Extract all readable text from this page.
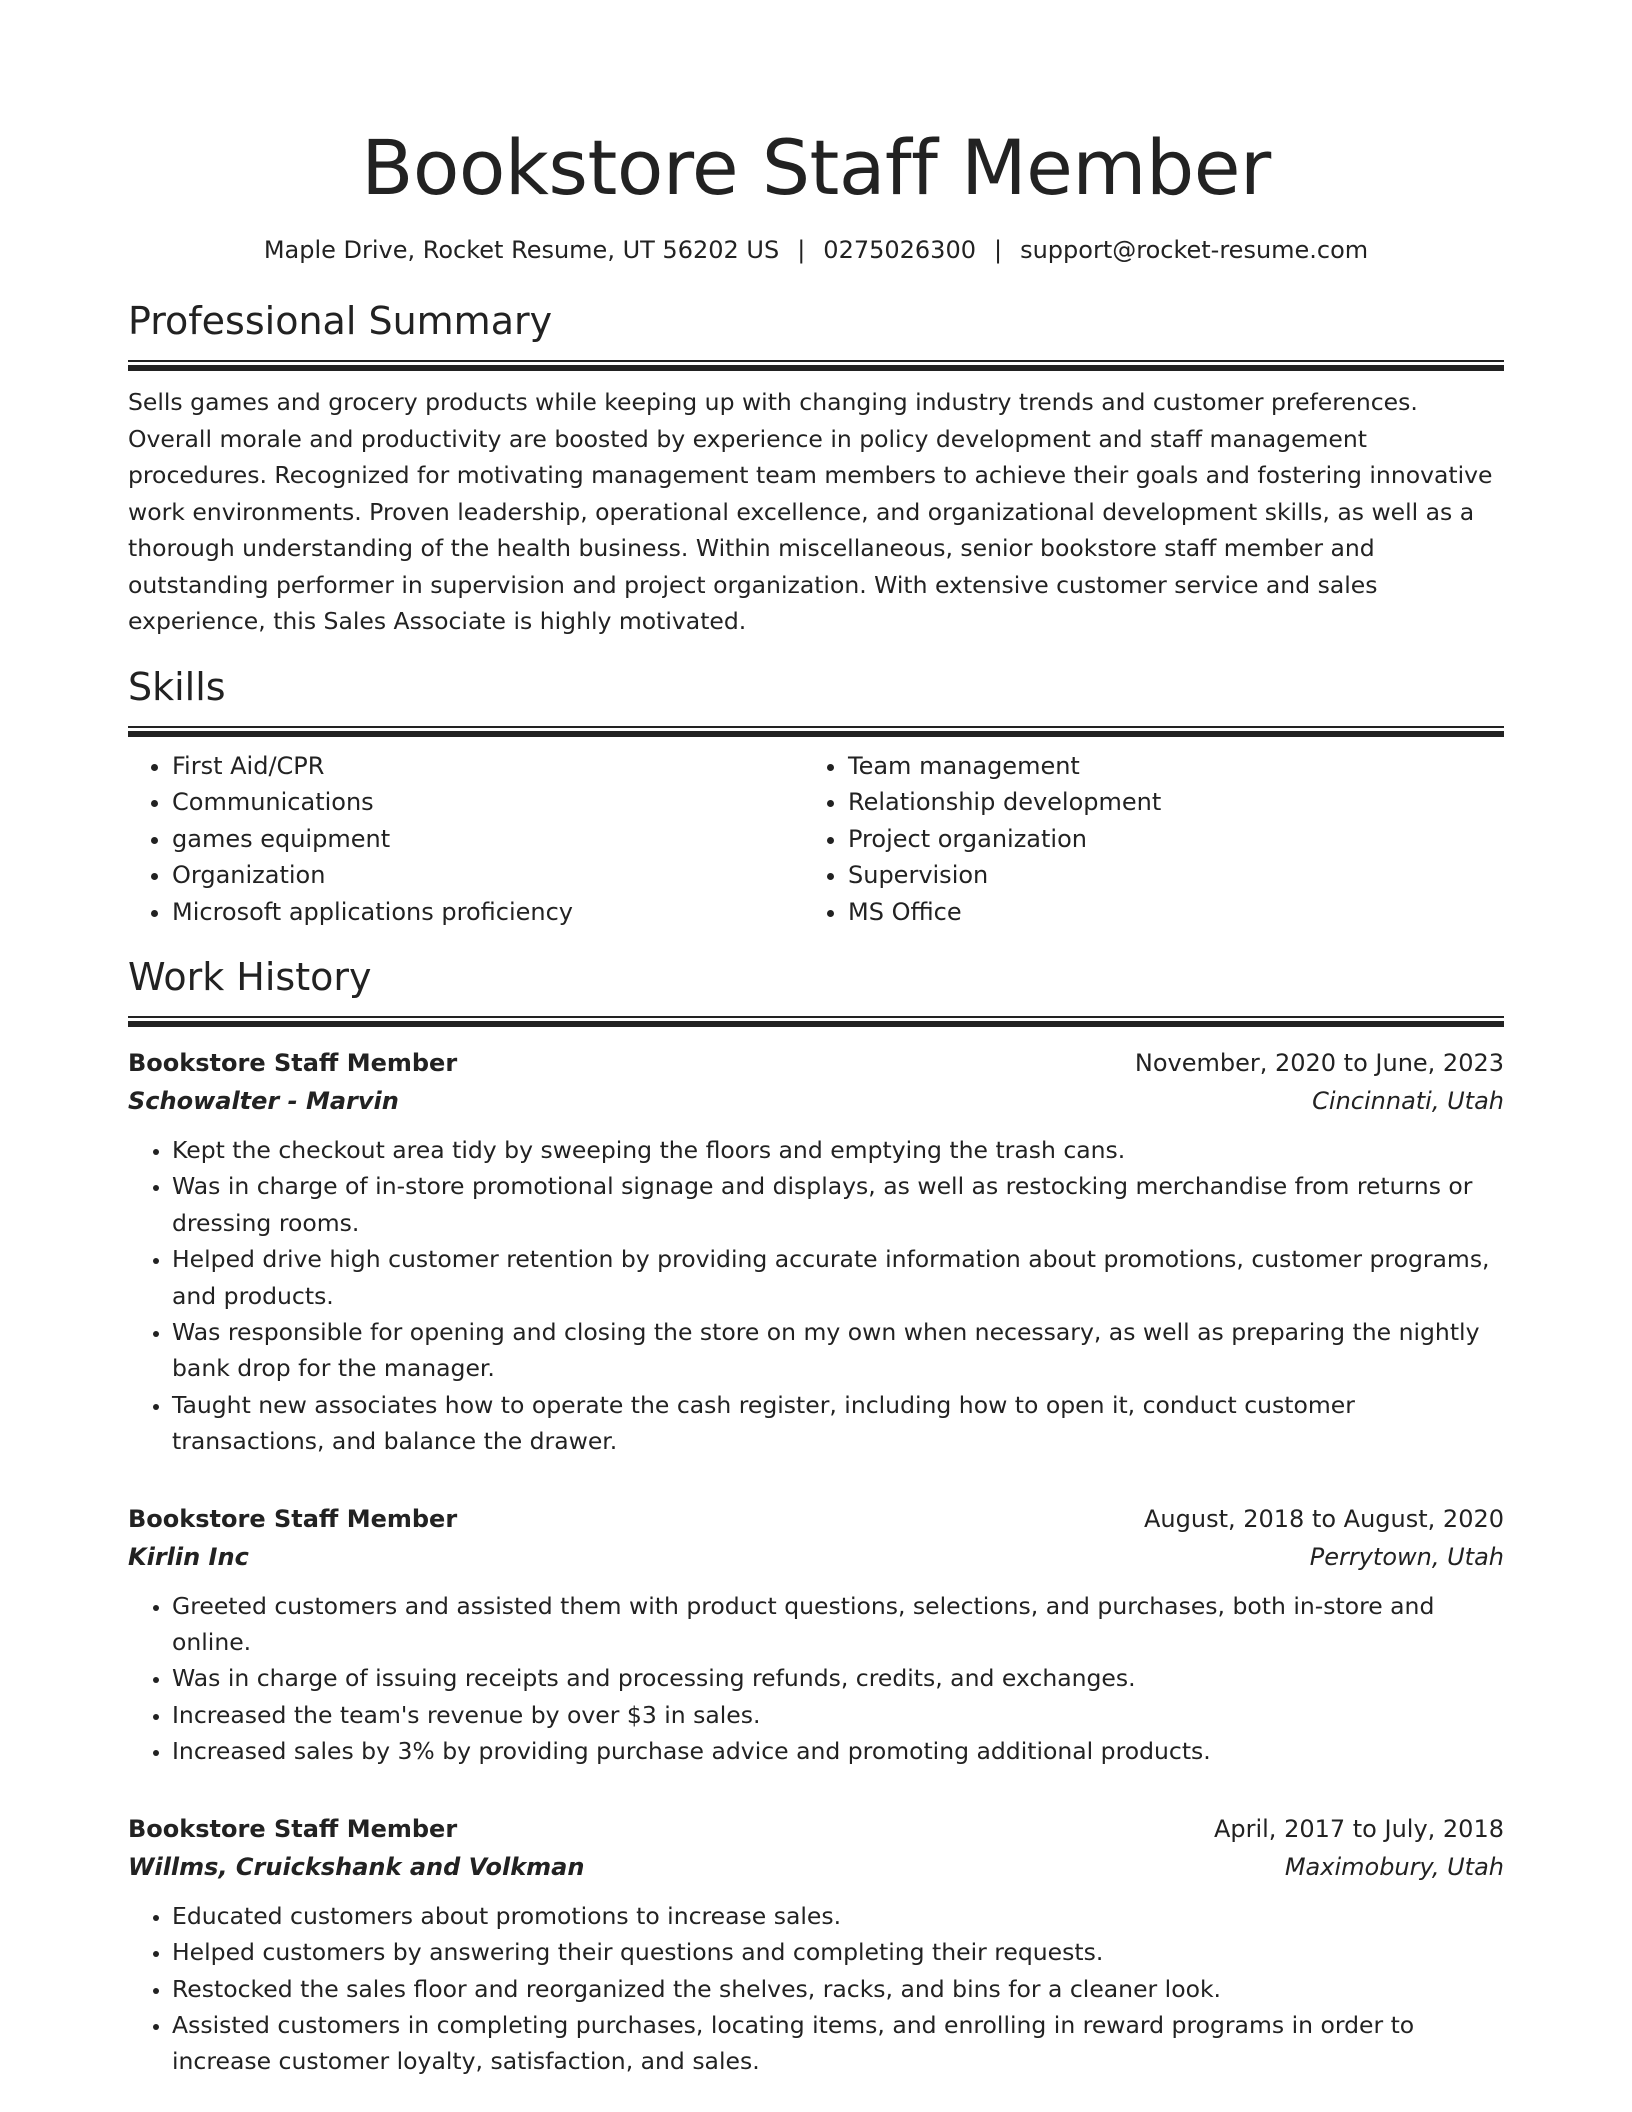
Bookstore Staff Member
Maple Drive, Rocket Resume, UT 56202 US | 0275026300 | support@rocket-resume.com
Professional Summary
Sells games and grocery products while keeping up with changing industry trends and customer preferences. Overall morale and productivity are boosted by experience in policy development and staff management procedures. Recognized for motivating management team members to achieve their goals and fostering innovative work environments. Proven leadership, operational excellence, and organizational development skills, as well as a thorough understanding of the health business. Within miscellaneous, senior bookstore staff member and outstanding performer in supervision and project organization. With extensive customer service and sales experience, this Sales Associate is highly motivated.
Skills
• First Aid/CPR
• Communications
• games equipment
• Organization
• Microsoft applications proficiency
• Team management
• Relationship development
• Project organization
• Supervision
• MS Office
Work History
Bookstore Staff Member	November, 2020 to June, 2023
Schowalter - Marvin	Cincinnati, Utah
• Kept the checkout area tidy by sweeping the floors and emptying the trash cans.
• Was in charge of in-store promotional signage and displays, as well as restocking merchandise from returns or dressing rooms.
• Helped drive high customer retention by providing accurate information about promotions, customer programs, and products.
• Was responsible for opening and closing the store on my own when necessary, as well as preparing the nightly bank drop for the manager.
• Taught new associates how to operate the cash register, including how to open it, conduct customer transactions, and balance the drawer.
Bookstore Staff Member	August, 2018 to August, 2020
Kirlin Inc	Perrytown, Utah
• Greeted customers and assisted them with product questions, selections, and purchases, both in-store and online.
• Was in charge of issuing receipts and processing refunds, credits, and exchanges.
• Increased the team's revenue by over $3 in sales.
• Increased sales by 3% by providing purchase advice and promoting additional products.
Bookstore Staff Member	April, 2017 to July, 2018
Willms, Cruickshank and Volkman	Maximobury, Utah
• Educated customers about promotions to increase sales.
• Helped customers by answering their questions and completing their requests.
• Restocked the sales floor and reorganized the shelves, racks, and bins for a cleaner look.
• Assisted customers in completing purchases, locating items, and enrolling in reward programs in order to increase customer loyalty, satisfaction, and sales.
